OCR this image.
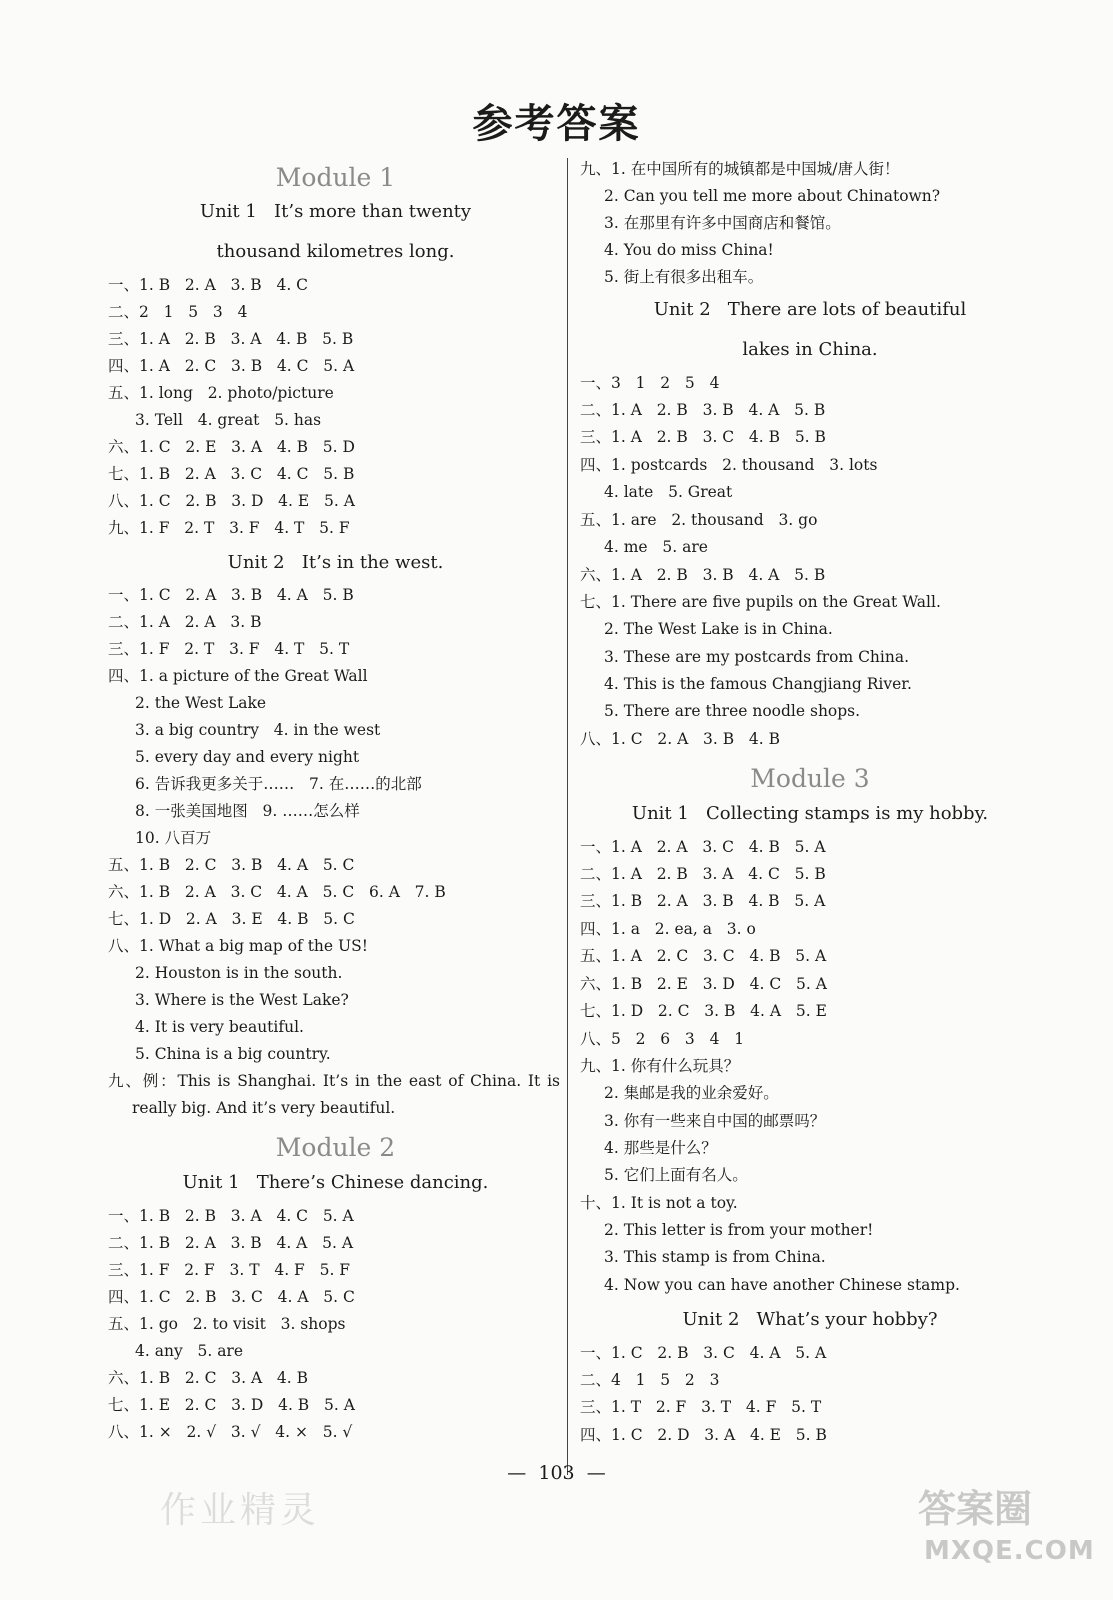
参考答案
Module 1
Unit 1   It’s more than twenty
thousand kilometres long.
一、1. B   2. A   3. B   4. C
二、2   1   5   3   4
三、1. A   2. B   3. A   4. B   5. B
四、1. A   2. C   3. B   4. C   5. A
五、1. long   2. photo/picture
3. Tell   4. great   5. has
六、1. C   2. E   3. A   4. B   5. D
七、1. B   2. A   3. C   4. C   5. B
八、1. C   2. B   3. D   4. E   5. A
九、1. F   2. T   3. F   4. T   5. F
Unit 2   It’s in the west.
一、1. C   2. A   3. B   4. A   5. B
二、1. A   2. A   3. B
三、1. F   2. T   3. F   4. T   5. T
四、1. a picture of the Great Wall
2. the West Lake
3. a big country   4. in the west
5. every day and every night
6. 告诉我更多关于……   7. 在……的北部
8. 一张美国地图   9. ……怎么样
10. 八百万
五、1. B   2. C   3. B   4. A   5. C
六、1. B   2. A   3. C   4. A   5. C   6. A   7. B
七、1. D   2. A   3. E   4. B   5. C
八、1. What a big map of the US!
2. Houston is in the south.
3. Where is the West Lake?
4. It is very beautiful.
5. China is a big country.
九、例：This is Shanghai. It’s in the east of China. It is
really big. And it’s very beautiful.
Module 2
Unit 1   There’s Chinese dancing.
一、1. B   2. B   3. A   4. C   5. A
二、1. B   2. A   3. B   4. A   5. A
三、1. F   2. F   3. T   4. F   5. F
四、1. C   2. B   3. C   4. A   5. C
五、1. go   2. to visit   3. shops
4. any   5. are
六、1. B   2. C   3. A   4. B
七、1. E   2. C   3. D   4. B   5. A
八、1. ×   2. √   3. √   4. ×   5. √
九、1. 在中国所有的城镇都是中国城/唐人街！
2. Can you tell me more about Chinatown?
3. 在那里有许多中国商店和餐馆。
4. You do miss China!
5. 街上有很多出租车。
Unit 2   There are lots of beautiful
lakes in China.
一、3   1   2   5   4
二、1. A   2. B   3. B   4. A   5. B
三、1. A   2. B   3. C   4. B   5. B
四、1. postcards   2. thousand   3. lots
4. late   5. Great
五、1. are   2. thousand   3. go
4. me   5. are
六、1. A   2. B   3. B   4. A   5. B
七、1. There are five pupils on the Great Wall.
2. The West Lake is in China.
3. These are my postcards from China.
4. This is the famous Changjiang River.
5. There are three noodle shops.
八、1. C   2. A   3. B   4. B
Module 3
Unit 1   Collecting stamps is my hobby.
一、1. A   2. A   3. C   4. B   5. A
二、1. A   2. B   3. A   4. C   5. B
三、1. B   2. A   3. B   4. B   5. A
四、1. a   2. ea, a   3. o
五、1. A   2. C   3. C   4. B   5. A
六、1. B   2. E   3. D   4. C   5. A
七、1. D   2. C   3. B   4. A   5. E
八、5   2   6   3   4   1
九、1. 你有什么玩具？
2. 集邮是我的业余爱好。
3. 你有一些来自中国的邮票吗？
4. 那些是什么？
5. 它们上面有名人。
十、1. It is not a toy.
2. This letter is from your mother!
3. This stamp is from China.
4. Now you can have another Chinese stamp.
Unit 2   What’s your hobby?
一、1. C   2. B   3. C   4. A   5. A
二、4   1   5   2   3
三、1. T   2. F   3. T   4. F   5. T
四、1. C   2. D   3. A   4. E   5. B
—  103  —
作业精灵	答案圈
MXQE.COM
